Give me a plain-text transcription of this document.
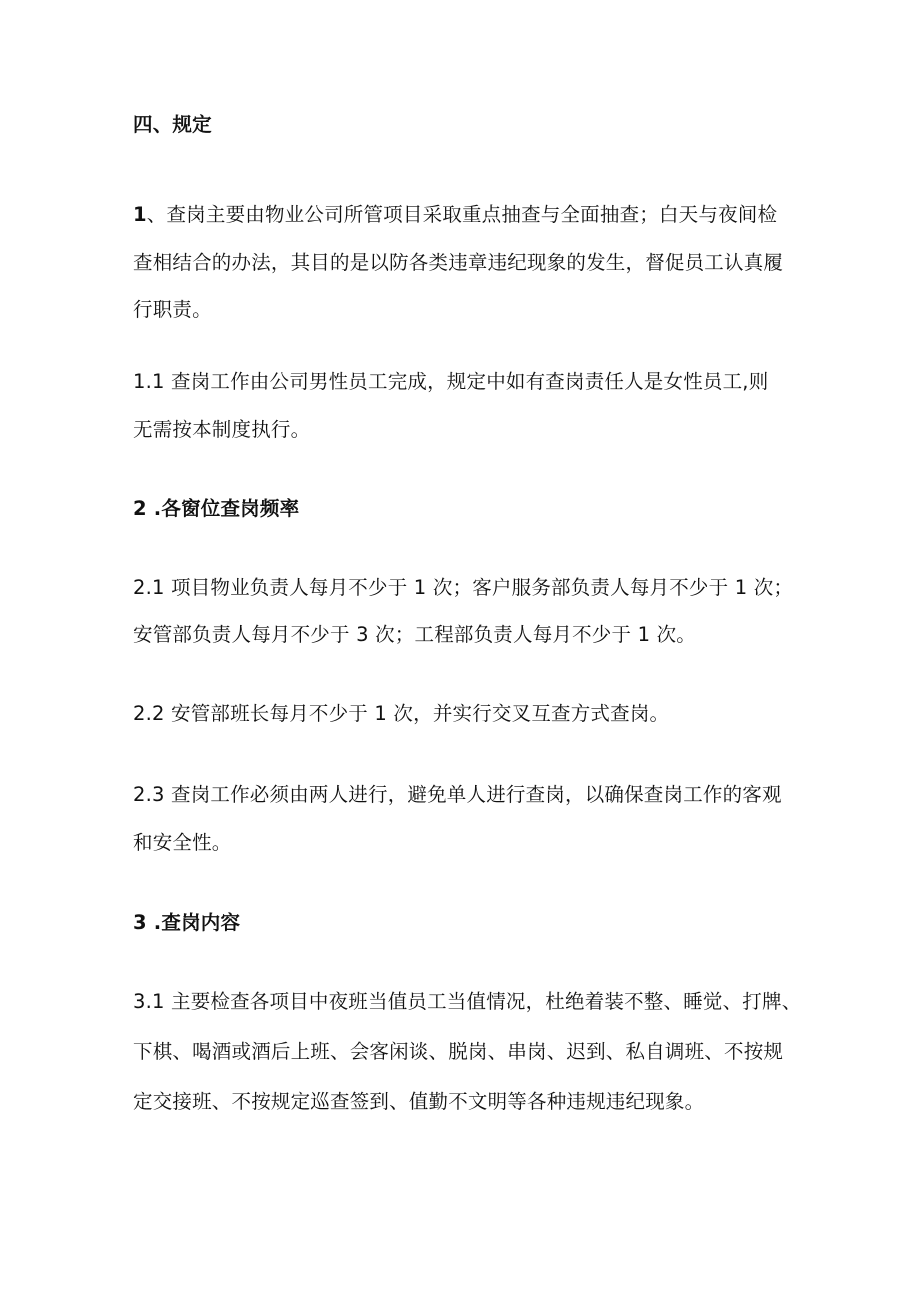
四、规定
1、查岗主要由物业公司所管项目采取重点抽查与全面抽查；白天与夜间检
查相结合的办法，其目的是以防各类违章违纪现象的发生，督促员工认真履
行职责。
1.1 查岗工作由公司男性员工完成，规定中如有查岗责任人是女性员工,则
无需按本制度执行。
2 .各窗位查岗频率
2.1 项目物业负责人每月不少于 1 次；客户服务部负责人每月不少于 1 次；
安管部负责人每月不少于 3 次；工程部负责人每月不少于 1 次。
2.2 安管部班长每月不少于 1 次，并实行交叉互查方式查岗。
2.3 查岗工作必须由两人进行，避免单人进行查岗，以确保查岗工作的客观
和安全性。
3 .查岗内容
3.1 主要检查各项目中夜班当值员工当值情况，杜绝着装不整、睡觉、打牌、
下棋、喝酒或酒后上班、会客闲谈、脱岗、串岗、迟到、私自调班、不按规
定交接班、不按规定巡查签到、值勤不文明等各种违规违纪现象。
